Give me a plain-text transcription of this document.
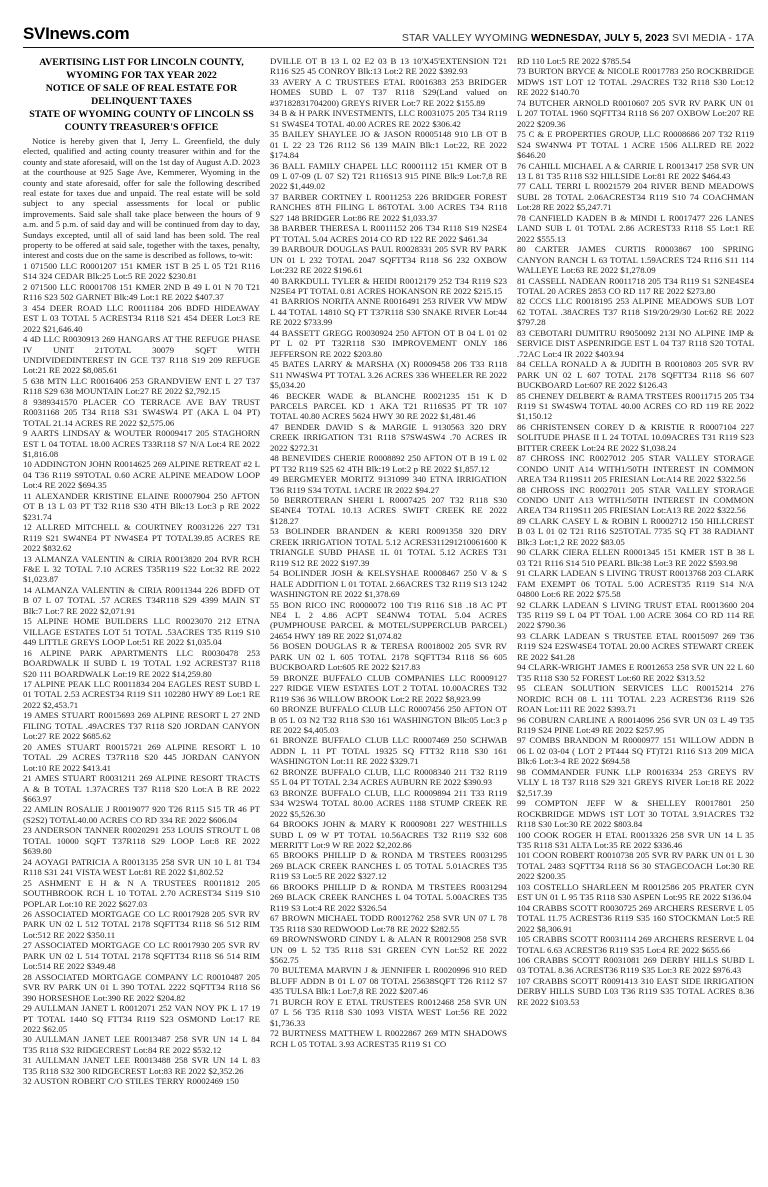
SVInews.com	STAR VALLEY WYOMING WEDNESDAY, JULY 5, 2023 SVI MEDIA - 17A
AVERTISING LIST FOR LINCOLN COUNTY,
WYOMING FOR TAX YEAR 2022
NOTICE OF SALE OF REAL ESTATE FOR
DELINQUENT TAXES
STATE OF WYOMING COUNTY OF LINCOLN SS
COUNTY TREASURER'S OFFICE

Notice is hereby given that I, Jerry L. Greenfield, the duly elected, qualified and acting county treasurer within and for the county and state aforesaid, will on the 1st day of August A.D. 2023 at the courthouse at 925 Sage Ave, Kemmerer, Wyoming in the county and state aforesaid, offer for sale the following described real estate for taxes due and unpaid. The real estate will be sold subject to any special assessments for local or public improvements. Said sale shall take place between the hours of 9 a.m. and 5 p.m. of said day and will be continued from day to day, Sundays excepted, until all of said land has been sold. The real property to be offered at said sale, together with the taxes, penalty, interest and costs due on the same is described as follows, to-wit:

1 071500 LLC R0001207 151 KMER 1ST B 25 L 05 T21 R116 S14 324 CEDAR Blk:25 Lot:5 RE 2022 $230.81

2 071500 LLC R0001708 151 KMER 2ND B 49 L 01 N 70 T21 R116 S23 502 GARNET Blk:49 Lot:1 RE 2022 $407.37

3 454 DEER ROAD LLC R0011184 206 BDFD HIDEAWAY EST L 03 TOTAL 5 ACREST34 R118 S21 454 DEER Lot:3 RE 2022 $21,646.40

4 4D LLC R0030913 269 HANGARS AT THE REFUGE PHASE IV UNIT 21TOTAL 30079 SQFT WITH UNDIVIDEDINTEREST IN GCE T37 R118 S19 209 REFUGE Lot:21 RE 2022 $8,085.61

5 638 MTN LLC R0016406 253 GRANDVIEW ENT L 27 T37 R118 S29 638 MOUNTAIN Lot:27 RE 2022 $2,792.15

8 9389341570 PLACER CO TERRACE AVE BAY TRUST R0031168 205 T34 R118 S31 SW4SW4 PT (AKA L 04 PT) TOTAL 21.14 ACRES RE 2022 $2,575.06

9 AARTS LINDSAY & WOUTER R0009417 205 STAGHORN EST L 04 TOTAL 18.00 ACRES T33R118 S7 N/A Lot:4 RE 2022 $1,816.08

10 ADDINGTON JOHN R0014625 269 ALPINE RETREAT #2 L 04 T36 R119 S9TOTAL 0.60 ACRE ALPINE MEADOW LOOP Lot:4 RE 2022 $694.35

11 ALEXANDER KRISTINE ELAINE R0007904 250 AFTON OT B 13 L 03 PT T32 R118 S30 4TH Blk:13 Lot:3 p RE 2022 $231.74

12 ALLRED MITCHELL & COURTNEY R0031226 227 T31 R119 S21 SW4NE4 PT NW4SE4 PT TOTAL39.85 ACRES RE 2022 $832.62

13 ALMANZA VALENTIN & CIRIA R0013820 204 RVR RCH F&E L 32 TOTAL 7.10 ACRES T35R119 S22 Lot:32 RE 2022 $1,023.87

14 ALMANZA VALENTIN & CIRIA R0011344 226 BDFD OT B 07 L 07 TOTAL .57 ACRES T34R118 S29 4399 MAIN ST Blk:7 Lot:7 RE 2022 $2,071.91

15 ALPINE HOME BUILDERS LLC R0023070 212 ETNA VILLAGE ESTATES LOT 51 TOTAL .53ACRES T35 R119 S10 449 LITTLE GREYS LOOP Lot:51 RE 2022 $1,035.04

16 ALPINE PARK APARTMENTS LLC R0030478 253 BOARDWALK II SUBD L 19 TOTAL 1.92 ACREST37 R118 S20 111 BOARDWALK Lot:19 RE 2022 $14,259.80

17 ALPINE PEAK LLC R0011834 204 EAGLES REST SUBD L 01 TOTAL 2.53 ACREST34 R119 S11 102280 HWY 89 Lot:1 RE 2022 $2,453.71

19 AMES STUART R0015693 269 ALPINE RESORT L 27 2ND FILING TOTAL .49ACRES T37 R118 S20 JORDAN CANYON Lot:27 RE 2022 $685.62

20 AMES STUART R0015721 269 ALPINE RESORT L 10 TOTAL .29 ACRES T37R118 S20 445 JORDAN CANYON Lot:10 RE 2022 $413.41

21 AMES STUART R0031211 269 ALPINE RESORT TRACTS A & B TOTAL 1.37ACRES T37 R118 S20 Lot:A B RE 2022 $663.97

22 AMLIN ROSALIE J R0019077 920 T26 R115 S15 TR 46 PT (S2S2) TOTAL40.00 ACRES CO RD 334 RE 2022 $606.04

23 ANDERSON TANNER R0020291 253 LOUIS STROUT L 08 TOTAL 10000 SQFT T37R118 S29 LOOP Lot:8 RE 2022 $639.80

24 AOYAGI PATRICIA A R0013135 258 SVR UN 10 L 81 T34 R118 S31 241 VISTA WEST Lot:81 RE 2022 $1,802.52

25 ASHMENT E H & N A TRUSTEES R0011812 205 SOUTHBROOK RCH L 10 TOTAL 2.70 ACREST34 S119 S10 POPLAR Lot:10 RE 2022 $627.03

26 ASSOCIATED MORTGAGE CO LC R0017928 205 SVR RV PARK UN 02 L 512 TOTAL 2178 SQFTT34 R118 S6 512 RIM Lot:512 RE 2022 $350.11

27 ASSOCIATED MORTGAGE CO LC R0017930 205 SVR RV PARK UN 02 L 514 TOTAL 2178 SQFTT34 R118 S6 514 RIM Lot:514 RE 2022 $349.48

28 ASSOCIATED MORTGAGE COMPANY LC R0010487 205 SVR RV PARK UN 01 L 390 TOTAL 2222 SQFTT34 R118 S6 390 HORSESHOE Lot:390 RE 2022 $204.82

29 AULLMAN JANET L R0012071 252 VAN NOY PK L 17 19 PT TOTAL 1440 SQ FTT34 R119 S23 OSMOND Lot:17 RE 2022 $62.05

30 AULLMAN JANET LEE R0013487 258 SVR UN 14 L 84 T35 R118 S32 RIDGECREST Lot:84 RE 2022 $532.12

31 AULLMAN JANET LEE R0013488 258 SVR UN 14 L 83 T35 R118 S32 300 RIDGECREST Lot:83 RE 2022 $2,352.26

32 AUSTON ROBERT C/O STILES TERRY R0002469 150

DVILLE OT B 13 L 02 E2 03 B 13 10'X45'EXTENSION T21 R116 S25 45 CONROY Blk:13 Lot:2 RE 2022 $392.93

33 AVERY A C TRUSTEES ETAL R0016383 253 BRIDGER HOMES SUBD L 07 T37 R118 S29(Land valued on #37182831704200) GREYS RIVER Lot:7 RE 2022 $155.89

34 B & H PARK INVESTMENTS, LLC R0031075 205 T34 R119 S1 SW4SE4 TOTAL 40.00 ACRES RE 2022 $306.42

35 BAILEY SHAYLEE JO & JASON R0005148 910 LB OT B 01 L 22 23 T26 R112 S6 139 MAIN Blk:1 Lot:22, RE 2022 $174.84

36 BALL FAMILY CHAPEL LLC R0001112 151 KMER OT B 09 L 07-09 (L 07 S2) T21 R116S13 915 PINE Blk:9 Lot:7,8 RE 2022 $1,449.02

37 BARBER CORTNEY L R0011253 226 BRIDGER FOREST RANCHES 8TH FILING L 86TOTAL 3.00 ACRES T34 R118 S27 148 BRIDGER Lot:86 RE 2022 $1,033.37

38 BARBER THERESA L R0011152 206 T34 R118 S19 N2SE4 PT TOTAL 5.04 ACRES 2014 CO RD 122 RE 2022 $461.34

39 BARBOUR DOUGLAS PAUL R0028331 205 SVR RV PARK UN 01 L 232 TOTAL 2047 SQFTT34 R118 S6 232 OXBOW Lot:232 RE 2022 $196.61

40 BARKDULL TYLER & HEIDI R0012179 252 T34 R119 S23 N2SE4 PT TOTAL 0.81 ACRES HOKANSON RE 2022 $215.15

41 BARRIOS NORITA ANNE R0016491 253 RIVER VW MDW L 44 TOTAL 14810 SQ FT T37R118 S30 SNAKE RIVER Lot:44 RE 2022 $733.99

44 BASSETT GREGG R0030924 250 AFTON OT B 04 L 01 02 PT L 02 PT T32R118 S30 IMPROVEMENT ONLY 186 JEFFERSON RE 2022 $203.80

45 BATES LARRY & MARSHA (X) R0009458 206 T33 R118 S11 NW4SW4 PT TOTAL 3.26 ACRES 336 WHEELER RE 2022 $5,034.20

46 BECKER WADE & BLANCHE R0021235 151 K D PARCELS PARCEL KD 1 AKA T21 R116S35 PT TR 107 TOTAL 40.80 ACRES 5624 HWY 30 RE 2022 $1,481.46

47 BENDER DAVID S & MARGIE L 9130563 320 DRY CREEK IRRIGATION T31 R118 S7SW4SW4 .70 ACRES IR 2022 $272.31

48 BENEVIDES CHERIE R0008892 250 AFTON OT B 19 L 02 PT T32 R119 S25 62 4TH Blk:19 Lot:2 p RE 2022 $1,857.12

49 BERGMEYER MORITZ 9131099 340 ETNA IRRIGATION T36 R119 S34 TOTAL 1ACRE IR 2022 $94.27

50 BERROTERAN SHERI L R0007425 207 T32 R118 S30 SE4NE4 TOTAL 10.13 ACRES SWIFT CREEK RE 2022 $128.27

53 BOLINDER BRANDEN & KERI R0091358 320 DRY CREEK IRRIGATION TOTAL 5.12 ACRES311291210061600 K TRIANGLE SUBD PHASE 1L 01 TOTAL 5.12 ACRES T31 R119 S12 RE 2022 $197.39

54 BOLINDER JOSH & KELSYSHAE R0008467 250 V & S HALE ADDITION L 01 TOTAL 2.66ACRES T32 R119 S13 1242 WASHINGTON RE 2022 $1,378.69

55 BON RICO INC R0000072 100 T19 R116 S18 .18 AC PT NE4 L 2 4.86 ACPT SE4NW4 TOTAL 5.04 ACRES (PUMPHOUSE PARCEL & MOTEL/SUPPERCLUB PARCEL) 24654 HWY 189 RE 2022 $1,074.82

56 BOSEN DOUGLAS R & TERESA R0018002 205 SVR RV PARK UN 02 L 605 TOTAL 2178 SQFTT34 R118 S6 605 BUCKBOARD Lot:605 RE 2022 $217.83

59 BRONZE BUFFALO CLUB COMPANIES LLC R0009127 227 RIDGE VIEW ESTATES LOT 2 TOTAL 10.00ACRES T32 R119 S36 36 WILLOW BROOK Lot:2 RE 2022 $8,923.99

60 BRONZE BUFFALO CLUB LLC R0007456 250 AFTON OT B 05 L 03 N2 T32 R118 S30 161 WASHINGTON Blk:05 Lot:3 p RE 2022 $4,405.03

61 BRONZE BUFFALO CLUB LLC R0007469 250 SCHWAB ADDN L 11 PT TOTAL 19325 SQ FTT32 R118 S30 161 WASHINGTON Lot:11 RE 2022 $329.71

62 BRONZE BUFFALO CLUB, LLC R0008340 211 T32 R119 S5 L 04 PT TOTAL 2.34 ACRES AUBURN RE 2022 $390.93

63 BRONZE BUFFALO CLUB, LLC R0009894 211 T33 R119 S34 W2SW4 TOTAL 80.00 ACRES 1188 STUMP CREEK RE 2022 $5,526.30

64 BROOKS JOHN & MARY K R0009081 227 WESTHILLS SUBD L 09 W PT TOTAL 10.56ACRES T32 R119 S32 608 MERRITT Lot:9 W RE 2022 $2,202.86

65 BROOKS PHILLIP D & RONDA M TRSTEES R0031295 269 BLACK CREEK RANCHES L 05 TOTAL 5.01ACRES T35 R119 S3 Lot:5 RE 2022 $327.12

66 BROOKS PHILLIP D & RONDA M TRSTEES R0031294 269 BLACK CREEK RANCHES L 04 TOTAL 5.00ACRES T35 R119 S3 Lot:4 RE 2022 $326.54

67 BROWN MICHAEL TODD R0012762 258 SVR UN 07 L 78 T35 R118 S30 REDWOOD Lot:78 RE 2022 $282.55

69 BROWNSWORD CINDY L & ALAN R R0012908 258 SVR UN 09 L 52 T35 R118 S31 GREEN CYN Lot:52 RE 2022 $562.75

70 BULTEMA MARVIN J & JENNIFER L R0020996 910 RED BLUFF ADDN B 01 L 07 08 TOTAL 25638SQFT T26 R112 S7 435 TULSA Blk:1 Lot:7,8 RE 2022 $207.46

71 BURCH ROY E ETAL TRUSTEES R0012468 258 SVR UN 07 L 56 T35 R118 S30 1093 VISTA WEST Lot:56 RE 2022 $1,736.33

72 BURTNESS MATTHEW L R0022867 269 MTN SHADOWS RCH L 05 TOTAL 3.93 ACREST35 R119 S1 CO

RD 110 Lot:5 RE 2022 $785.54

73 BURTON BRYCE & NICOLE R0017783 250 ROCKBRIDGE MDWS 1ST LOT 12 TOTAL .29ACRES T32 R118 S30 Lot:12 RE 2022 $140.70

74 BUTCHER ARNOLD R0010607 205 SVR RV PARK UN 01 L 207 TOTAL 1960 SQFTT34 R118 S6 207 OXBOW Lot:207 RE 2022 $209.36

75 C & E PROPERTIES GROUP, LLC R0008686 207 T32 R119 S24 SW4NW4 PT TOTAL 1 ACRE 1506 ALLRED RE 2022 $646.20

76 CAHILL MICHAEL A & CARRIE L R0013417 258 SVR UN 13 L 81 T35 R118 S32 HILLSIDE Lot:81 RE 2022 $464.43

77 CALL TERRI L R0021579 204 RIVER BEND MEADOWS SUBL 28 TOTAL 2.06ACREST34 R119 S10 74 COACHMAN Lot:28 RE 2022 $5,247.71

78 CANFIELD KADEN B & MINDI L R0017477 226 LANES LAND SUB L 01 TOTAL 2.86 ACREST33 R118 S5 Lot:1 RE 2022 $555.13

80 CARTER JAMES CURTIS R0003867 100 SPRING CANYON RANCH L 63 TOTAL 1.59ACRES T24 R116 S11 114 WALLEYE Lot:63 RE 2022 $1,278.09

81 CASSELL NADEAN R0011718 205 T34 R119 S1 S2NE4SE4 TOTAL 20 ACRES 2853 CO RD 117 RE 2022 $273.80

82 CCCS LLC R0018195 253 ALPINE MEADOWS SUB LOT 62 TOTAL .38ACRES T37 R118 S19/20/29/30 Lot:62 RE 2022 $797.28

83 CEBOTARI DUMITRU R9050092 213I NO ALPINE IMP & SERVICE DIST ASPENRIDGE EST L 04 T37 R118 S20 TOTAL .72AC Lot:4 IR 2022 $403.94

84 CELLA RONALD A & JUDITH B R0010803 205 SVR RV PARK UN 02 L 607 TOTAL 2178 SQFTT34 R118 S6 607 BUCKBOARD Lot:607 RE 2022 $126.43

85 CHENEY DELBERT & RAMA TRSTEES R0011715 205 T34 R119 S1 SW4SW4 TOTAL 40.00 ACRES CO RD 119 RE 2022 $1,150.12

86 CHRISTENSEN COREY D & KRISTIE R R0007104 227 SOLITUDE PHASE II L 24 TOTAL 10.09ACRES T31 R119 S23 BITTER CREEK Lot:24 RE 2022 $1,038.24

87 CHROSS INC R0027012 205 STAR VALLEY STORAGE CONDO UNIT A14 WITH1/50TH INTEREST IN COMMON AREA T34 R119S11 205 FRIESIAN Lot:A14 RE 2022 $322.56

88 CHROSS INC R0027011 205 STAR VALLEY STORAGE CONDO UNIT A13 WITH1/50TH INTEREST IN COMMON AREA T34 R119S11 205 FRIESIAN Lot:A13 RE 2022 $322.56

89 CLARK CASEY L & ROBIN L R0002712 150 HILLCREST B 03 L 01 02 T21 R116 S25TOTAL 7735 SQ FT 38 RADIANT Blk:3 Lot:1,2 RE 2022 $83.05

90 CLARK CIERA ELLEN R0001345 151 KMER 1ST B 38 L 03 T21 R116 S14 510 PEARL Blk:38 Lot:3 RE 2022 $593.98

91 CLARK LADEAN S LIVING TRUST R0013768 203 CLARK FAM EXEMPT 06 TOTAL 5.00 ACREST35 R119 S14 N/A 04800 Lot:6 RE 2022 $75.58

92 CLARK LADEAN S LIVING TRUST ETAL R0013600 204 T35 R119 S9 L 04 PT TOAL 1.00 ACRE 3064 CO RD 114 RE 2022 $790.36

93 CLARK LADEAN S TRUSTEE ETAL R0015097 269 T36 R119 S24 E2SW4SE4 TOTAL 20.00 ACRES STEWART CREEK RE 2022 $41.28

94 CLARK-WRIGHT JAMES E R0012653 258 SVR UN 22 L 60 T35 R118 S30 52 FOREST Lot:60 RE 2022 $313.52

95 CLEAN SOLUTION SERVICES LLC R0015214 276 NORDIC RCH 08 L 111 TOTAL 2.23 ACREST36 R119 S26 ROAN Lot:111 RE 2022 $393.71

96 COBURN CARLINE A R0014096 256 SVR UN 03 L 49 T35 R119 S24 PINE Lot:49 RE 2022 $257.95

97 COMBS BRANDON M R0000977 151 WILLOW ADDN B 06 L 02 03-04 ( LOT 2 PT444 SQ FT)T21 R116 S13 209 MICA Blk:6 Lot:3-4 RE 2022 $694.58

98 COMMANDER FUNK LLP R0016334 253 GREYS RV VLLY L 18 T37 R118 S29 321 GREYS RIVER Lot:18 RE 2022 $2,517.39

99 COMPTON JEFF W & SHELLEY R0017801 250 ROCKBRIDGE MDWS 1ST LOT 30 TOTAL 3.91ACRES T32 R118 S30 Lot:30 RE 2022 $803.84

100 COOK ROGER H ETAL R0013326 258 SVR UN 14 L 35 T35 R118 S31 ALTA Lot:35 RE 2022 $336.46

101 COON ROBERT R0010738 205 SVR RV PARK UN 01 L 30 TOTAL 2483 SQFTT34 R118 S6 30 STAGECOACH Lot:30 RE 2022 $200.35

103 COSTELLO SHARLEEN M R0012586 205 PRATER CYN EST UN 01 L 95 T35 R118 S30 ASPEN Lot:95 RE 2022 $136.04

104 CRABBS SCOTT R0030725 269 ARCHERS RESERVE L 05 TOTAL 11.75 ACREST36 R119 S35 160 STOCKMAN Lot:5 RE 2022 $8,306.91

105 CRABBS SCOTT R0031114 269 ARCHERS RESERVE L 04 TOTAL 6.63 ACREST36 R119 S35 Lot:4 RE 2022 $655.66

106 CRABBS SCOTT R0031081 269 DERBY HILLS SUBD L 03 TOTAL 8.36 ACREST36 R119 S35 Lot:3 RE 2022 $976.43

107 CRABBS SCOTT R0091413 310 EAST SIDE IRRIGATION DERBY HILLS SUBD L03 T36 R119 S35 TOTAL ACRES 8.36 RE 2022 $103.53
